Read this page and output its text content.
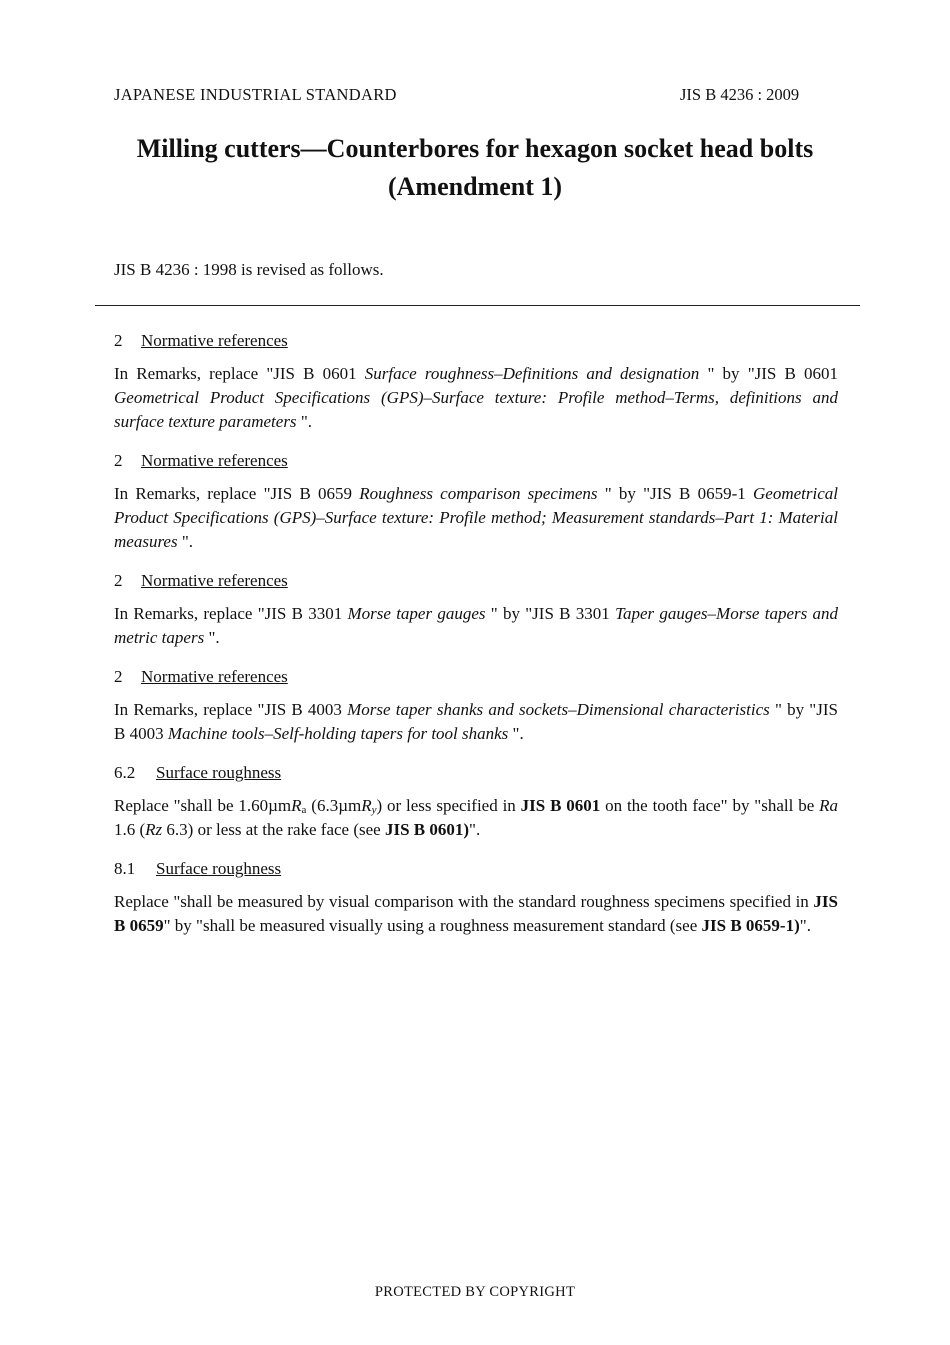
JAPANESE INDUSTRIAL STANDARD	JIS B 4236 : 2009
Milling cutters—Counterbores for hexagon socket head bolts
(Amendment 1)
JIS B 4236 : 1998 is revised as follows.
2 Normative references
In Remarks, replace "JIS B 0601 Surface roughness–Definitions and designation " by "JIS B 0601 Geometrical Product Specifications (GPS)–Surface texture: Profile method–Terms, definitions and surface texture parameters ".
2 Normative references
In Remarks, replace "JIS B 0659 Roughness comparison specimens " by "JIS B 0659-1 Geometrical Product Specifications (GPS)–Surface texture: Profile method; Measurement standards–Part 1: Material measures ".
2 Normative references
In Remarks, replace "JIS B 3301 Morse taper gauges " by "JIS B 3301 Taper gauges–Morse tapers and metric tapers ".
2 Normative references
In Remarks, replace "JIS B 4003 Morse taper shanks and sockets–Dimensional characteristics " by "JIS B 4003 Machine tools–Self-holding tapers for tool shanks ".
6.2 Surface roughness
Replace "shall be 1.60µmR$_a$ (6.3µmR$_y$) or less specified in JIS B 0601 on the tooth face" by "shall be Ra 1.6 (Rz 6.3) or less at the rake face (see JIS B 0601)".
8.1 Surface roughness
Replace "shall be measured by visual comparison with the standard roughness specimens specified in JIS B 0659" by "shall be measured visually using a roughness measurement standard (see JIS B 0659-1)".
PROTECTED BY COPYRIGHT
